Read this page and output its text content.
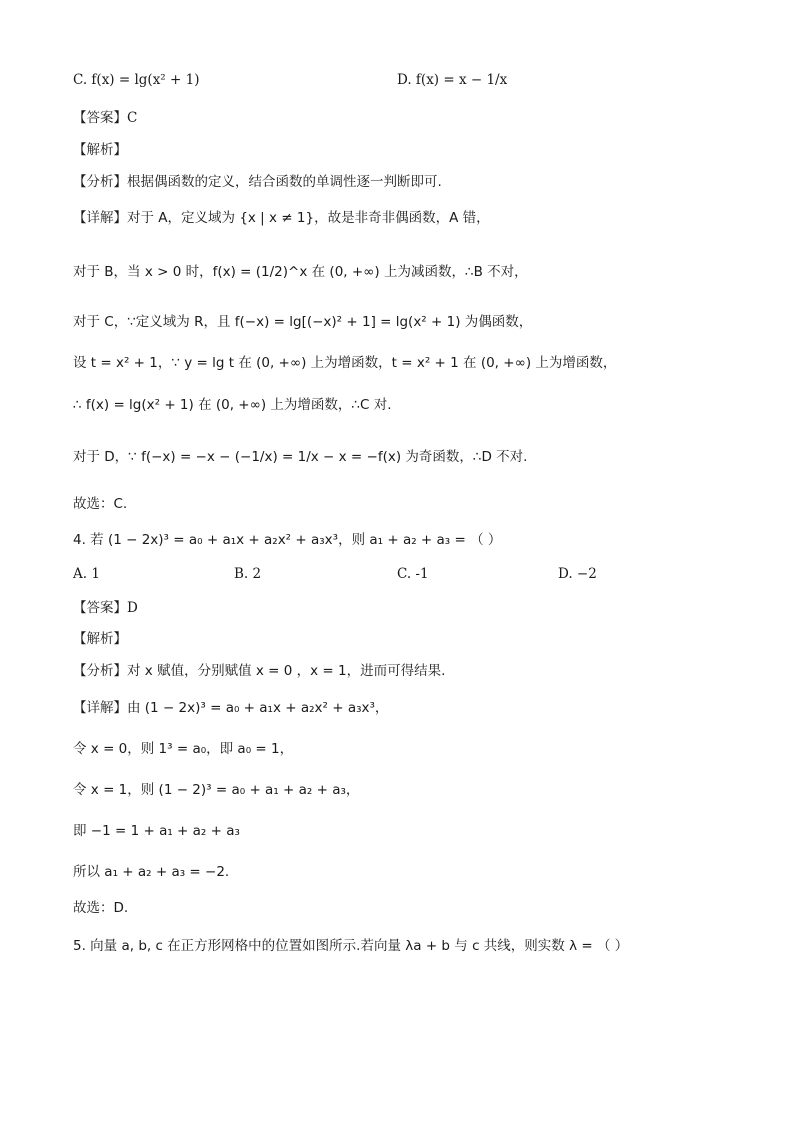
C. f(x) = lg(x² + 1)	D. f(x) = x − 1/x
【答案】C
【解析】
【分析】根据偶函数的定义，结合函数的单调性逐一判断即可.
【详解】对于 A，定义域为 {x | x ≠ 1}，故是非奇非偶函数，A 错，
对于 B，当 x > 0 时，f(x) = (1/2)^x 在 (0, +∞) 上为减函数，∴B 不对，
对于 C，∵定义域为 R，且 f(−x) = lg[(−x)² + 1] = lg(x² + 1) 为偶函数，
设 t = x² + 1，∵ y = lg t 在 (0, +∞) 上为增函数，t = x² + 1 在 (0, +∞) 上为增函数，
∴ f(x) = lg(x² + 1) 在 (0, +∞) 上为增函数，∴C 对.
对于 D，∵ f(−x) = −x − (−1/x) = 1/x − x = −f(x) 为奇函数，∴D 不对.
故选：C.
4. 若 (1 − 2x)³ = a₀ + a₁x + a₂x² + a₃x³，则 a₁ + a₂ + a₃ = （ ）
A. 1	B. 2	C. -1	D. −2
【答案】D
【解析】
【分析】对 x 赋值，分别赋值 x = 0 ，x = 1，进而可得结果.
【详解】由 (1 − 2x)³ = a₀ + a₁x + a₂x² + a₃x³，
令 x = 0，则 1³ = a₀，即 a₀ = 1，
令 x = 1，则 (1 − 2)³ = a₀ + a₁ + a₂ + a₃，
即 −1 = 1 + a₁ + a₂ + a₃
所以 a₁ + a₂ + a₃ = −2.
故选：D.
5. 向量 a, b, c 在正方形网格中的位置如图所示.若向量 λa + b 与 c 共线，则实数 λ = （ ）
